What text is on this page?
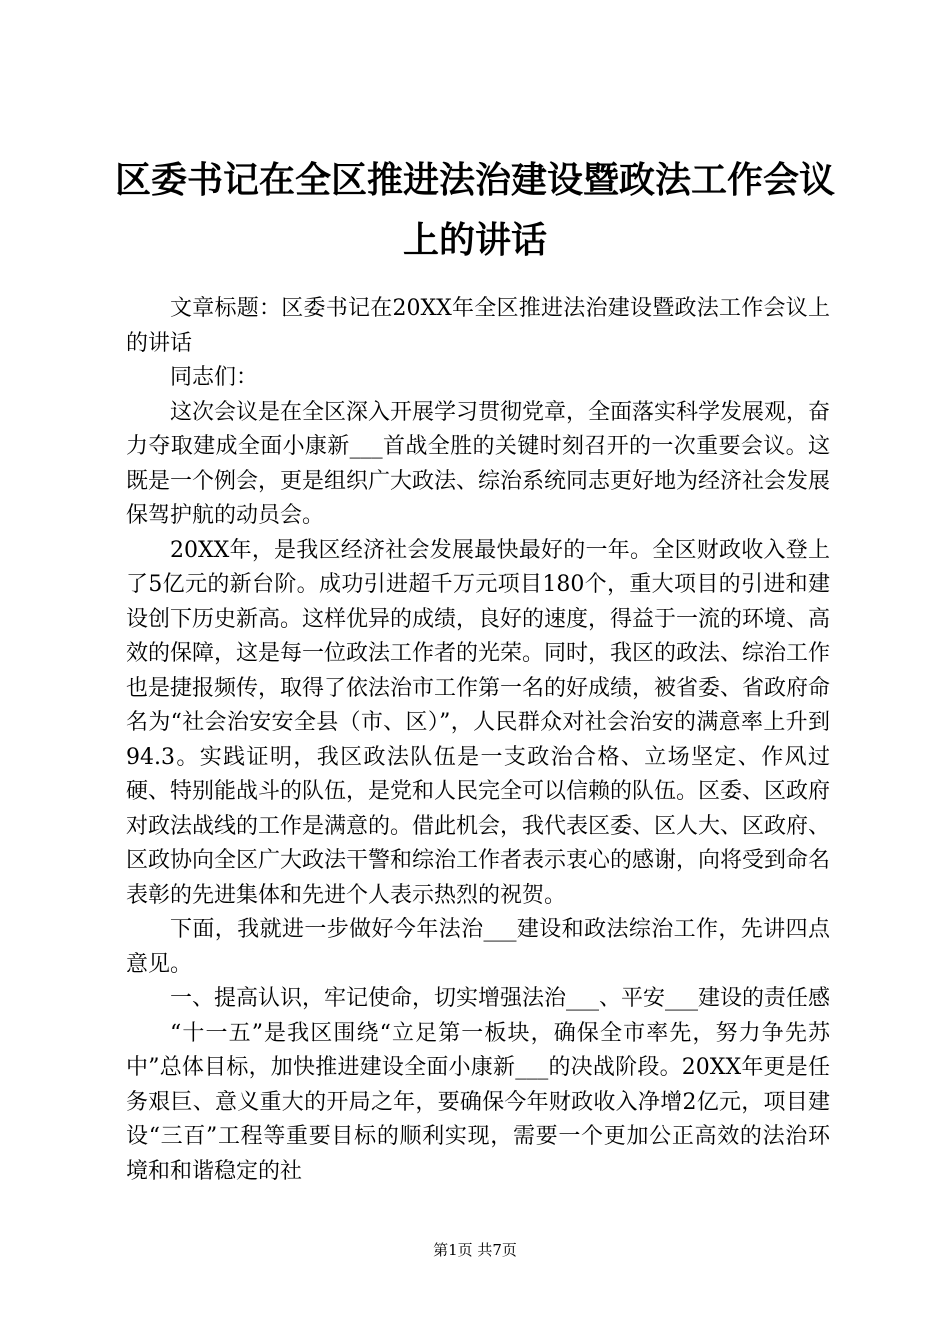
区委书记在全区推进法治建设暨政法工作会议上的讲话

文章标题：区委书记在20XX年全区推进法治建设暨政法工作会议上的讲话

同志们：

这次会议是在全区深入开展学习贯彻党章，全面落实科学发展观，奋力夺取建成全面小康新___首战全胜的关键时刻召开的一次重要会议。这既是一个例会，更是组织广大政法、综治系统同志更好地为经济社会发展保驾护航的动员会。

20XX年，是我区经济社会发展最快最好的一年。全区财政收入登上了5亿元的新台阶。成功引进超千万元项目180个，重大项目的引进和建设创下历史新高。这样优异的成绩，良好的速度，得益于一流的环境、高效的保障，这是每一位政法工作者的光荣。同时，我区的政法、综治工作也是捷报频传，取得了依法治市工作第一名的好成绩，被省委、省政府命名为“社会治安安全县（市、区）”，人民群众对社会治安的满意率上升到94.3。实践证明，我区政法队伍是一支政治合格、立场坚定、作风过硬、特别能战斗的队伍，是党和人民完全可以信赖的队伍。区委、区政府对政法战线的工作是满意的。借此机会，我代表区委、区人大、区政府、区政协向全区广大政法干警和综治工作者表示衷心的感谢，向将受到命名表彰的先进集体和先进个人表示热烈的祝贺。

下面，我就进一步做好今年法治___建设和政法综治工作，先讲四点意见。

一、提高认识，牢记使命，切实增强法治___、平安___建设的责任感

“十一五”是我区围绕“立足第一板块，确保全市率先，努力争先苏中”总体目标，加快推进建设全面小康新___的决战阶段。20XX年更是任务艰巨、意义重大的开局之年，要确保今年财政收入净增2亿元，项目建设“三百”工程等重要目标的顺利实现，需要一个更加公正高效的法治环境和和谐稳定的社

第1页 共7页
